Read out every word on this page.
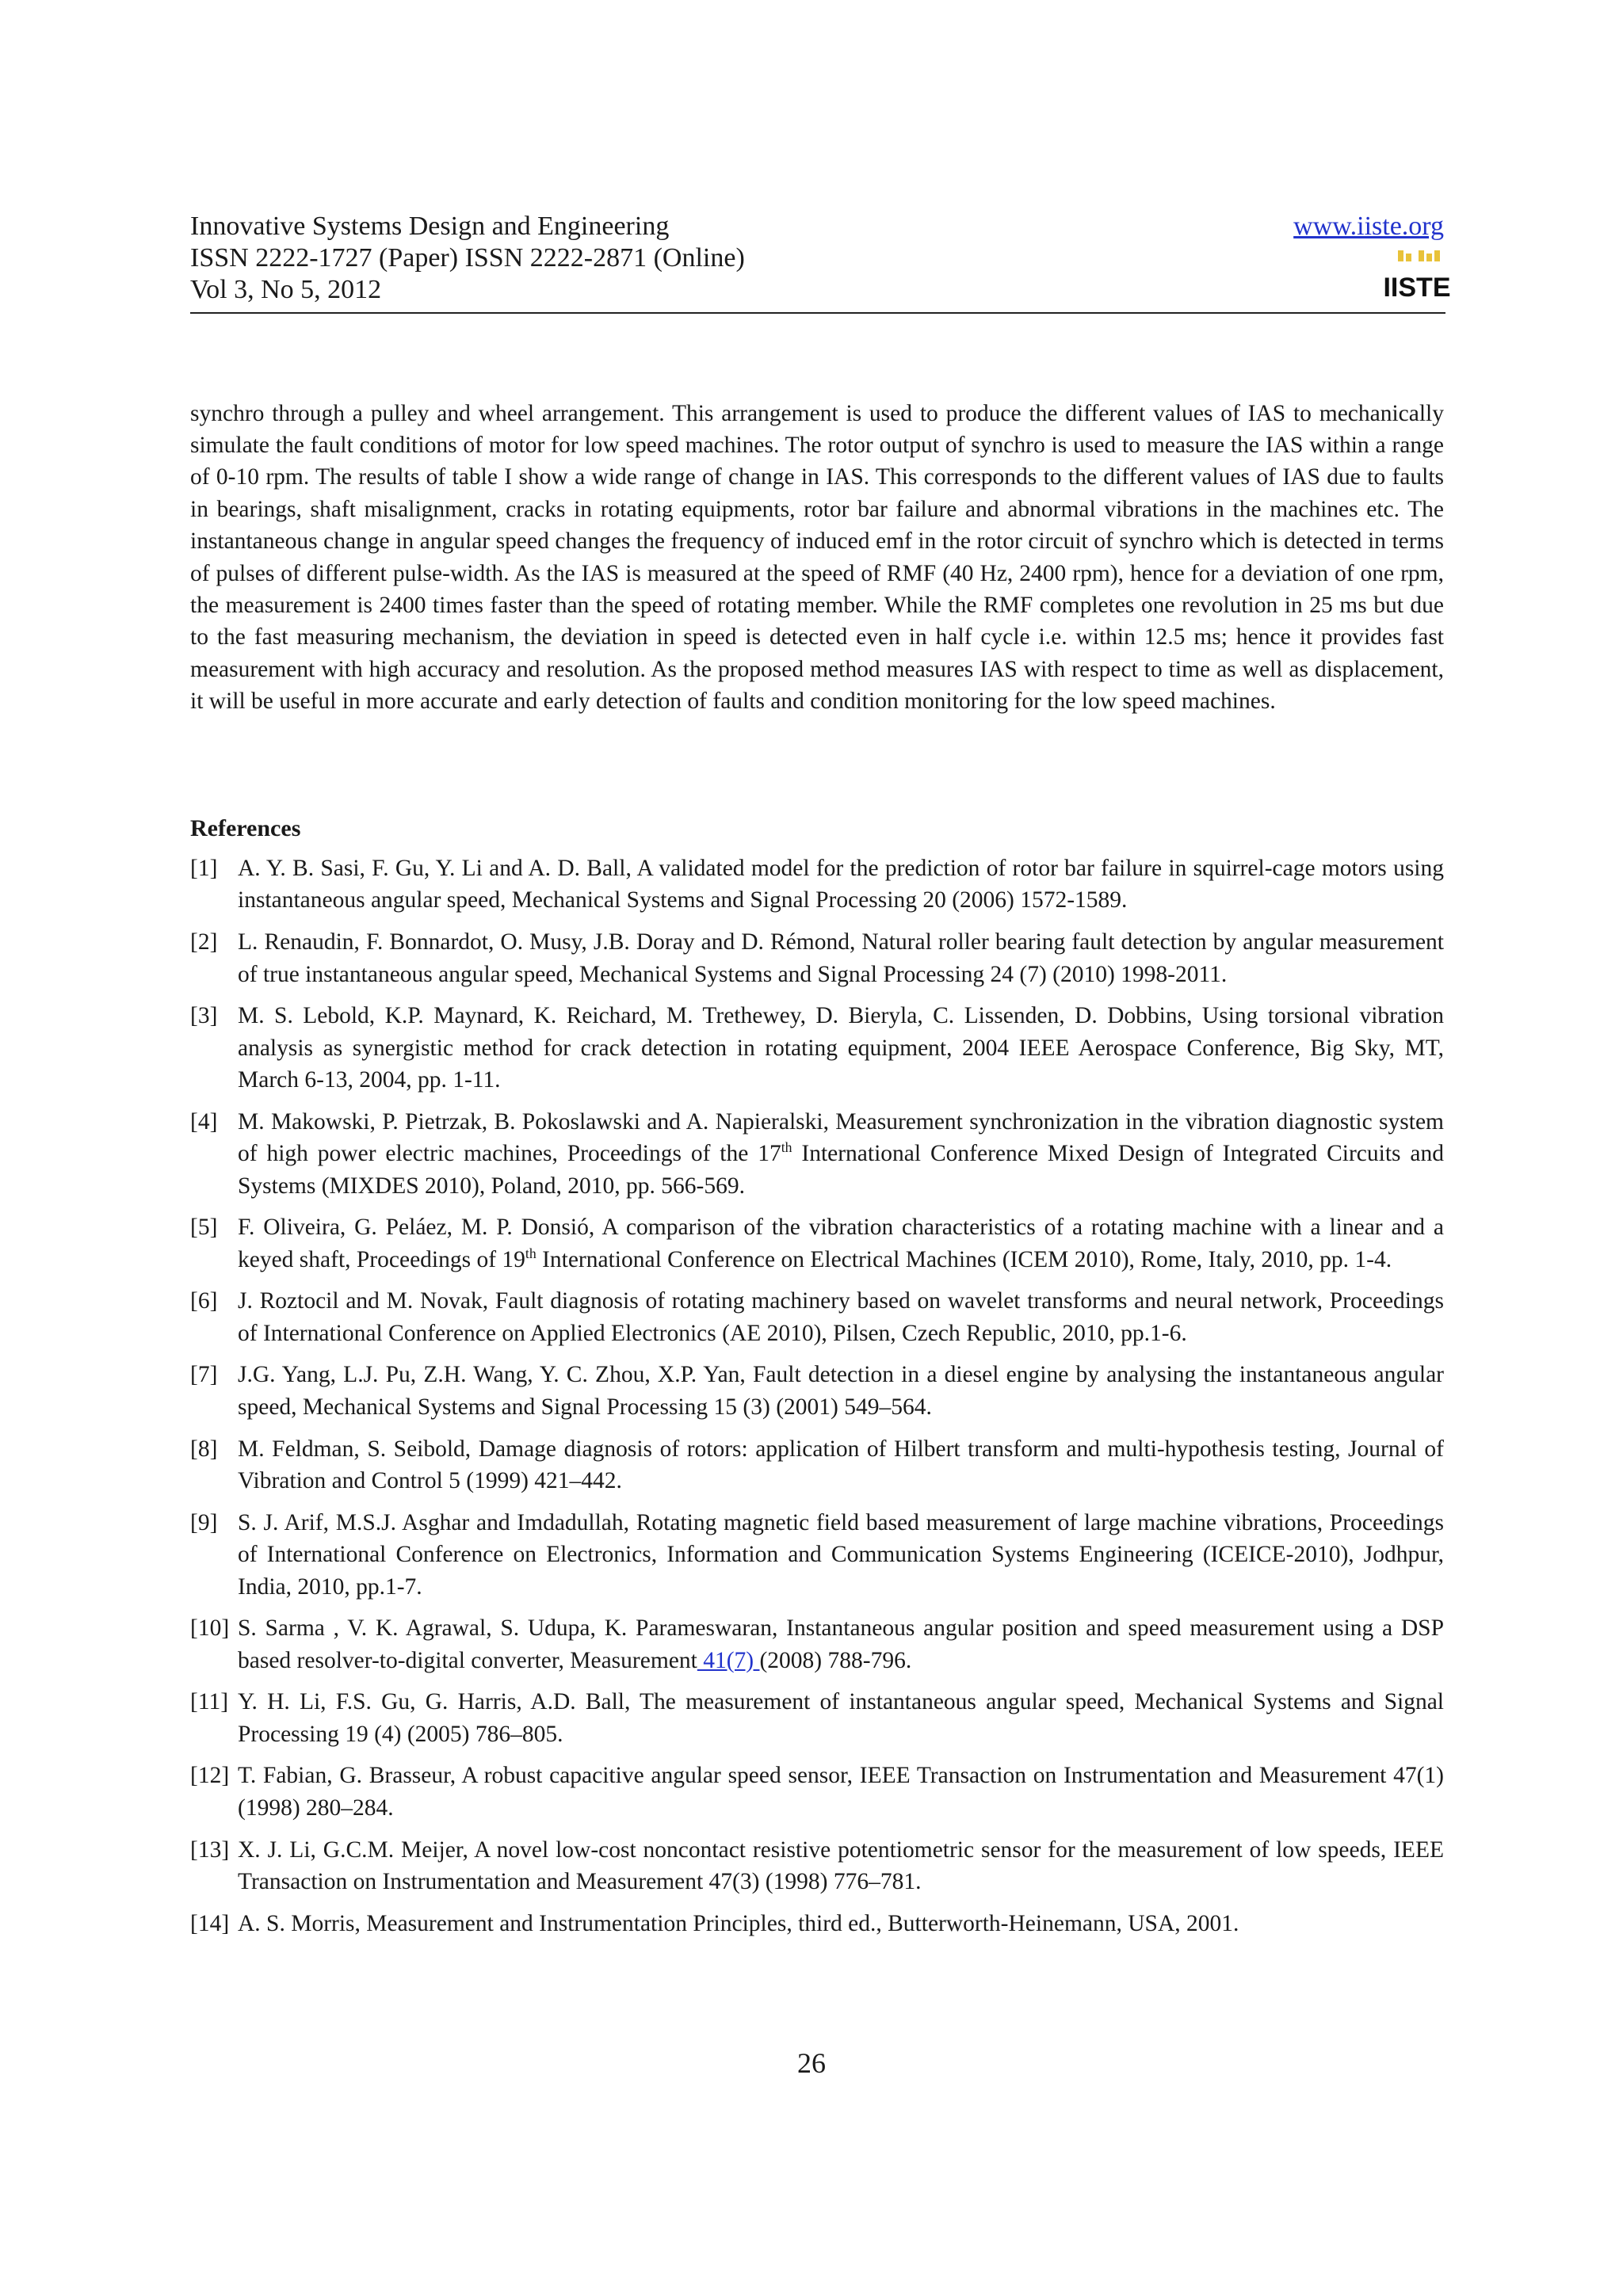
Innovative Systems Design and Engineering
ISSN 2222-1727 (Paper) ISSN 2222-2871 (Online)
Vol 3, No 5, 2012
www.iiste.org
IISTE

synchro through a pulley and wheel arrangement. This arrangement is used to produce the different values of IAS to mechanically simulate the fault conditions of motor for low speed machines. The rotor output of synchro is used to measure the IAS within a range of 0-10 rpm. The results of table I show a wide range of change in IAS. This corresponds to the different values of IAS due to faults in bearings, shaft misalignment, cracks in rotating equipments, rotor bar failure and abnormal vibrations in the machines etc. The instantaneous change in angular speed changes the frequency of induced emf in the rotor circuit of synchro which is detected in terms of pulses of different pulse-width. As the IAS is measured at the speed of RMF (40 Hz, 2400 rpm), hence for a deviation of one rpm, the measurement is 2400 times faster than the speed of rotating member. While the RMF completes one revolution in 25 ms but due to the fast measuring mechanism, the deviation in speed is detected even in half cycle i.e. within 12.5 ms; hence it provides fast measurement with high accuracy and resolution. As the proposed method measures IAS with respect to time as well as displacement, it will be useful in more accurate and early detection of faults and condition monitoring for the low speed machines.

References
[1] A. Y. B. Sasi, F. Gu, Y. Li and A. D. Ball, A validated model for the prediction of rotor bar failure in squirrel-cage motors using instantaneous angular speed, Mechanical Systems and Signal Processing 20 (2006) 1572-1589.
[2] L. Renaudin, F. Bonnardot, O. Musy, J.B. Doray and D. Rémond, Natural roller bearing fault detection by angular measurement of true instantaneous angular speed, Mechanical Systems and Signal Processing 24 (7) (2010) 1998-2011.
[3] M. S. Lebold, K.P. Maynard, K. Reichard, M. Trethewey, D. Bieryla, C. Lissenden, D. Dobbins, Using torsional vibration analysis as synergistic method for crack detection in rotating equipment, 2004 IEEE Aerospace Conference, Big Sky, MT, March 6-13, 2004, pp. 1-11.
[4] M. Makowski, P. Pietrzak, B. Pokoslawski and A. Napieralski, Measurement synchronization in the vibration diagnostic system of high power electric machines, Proceedings of the 17th International Conference Mixed Design of Integrated Circuits and Systems (MIXDES 2010), Poland, 2010, pp. 566-569.
[5] F. Oliveira, G. Peláez, M. P. Donsió, A comparison of the vibration characteristics of a rotating machine with a linear and a keyed shaft, Proceedings of 19th International Conference on Electrical Machines (ICEM 2010), Rome, Italy, 2010, pp. 1-4.
[6] J. Roztocil and M. Novak, Fault diagnosis of rotating machinery based on wavelet transforms and neural network, Proceedings of International Conference on Applied Electronics (AE 2010), Pilsen, Czech Republic, 2010, pp.1-6.
[7] J.G. Yang, L.J. Pu, Z.H. Wang, Y. C. Zhou, X.P. Yan, Fault detection in a diesel engine by analysing the instantaneous angular speed, Mechanical Systems and Signal Processing 15 (3) (2001) 549–564.
[8] M. Feldman, S. Seibold, Damage diagnosis of rotors: application of Hilbert transform and multi-hypothesis testing, Journal of Vibration and Control 5 (1999) 421–442.
[9] S. J. Arif, M.S.J. Asghar and Imdadullah, Rotating magnetic field based measurement of large machine vibrations, Proceedings of International Conference on Electronics, Information and Communication Systems Engineering (ICEICE-2010), Jodhpur, India, 2010, pp.1-7.
[10] S. Sarma , V. K. Agrawal, S. Udupa, K. Parameswaran, Instantaneous angular position and speed measurement using a DSP based resolver-to-digital converter, Measurement 41(7) (2008) 788-796.
[11] Y. H. Li, F.S. Gu, G. Harris, A.D. Ball, The measurement of instantaneous angular speed, Mechanical Systems and Signal Processing 19 (4) (2005) 786–805.
[12] T. Fabian, G. Brasseur, A robust capacitive angular speed sensor, IEEE Transaction on Instrumentation and Measurement 47(1) (1998) 280–284.
[13] X. J. Li, G.C.M. Meijer, A novel low-cost noncontact resistive potentiometric sensor for the measurement of low speeds, IEEE Transaction on Instrumentation and Measurement 47(3) (1998) 776–781.
[14] A. S. Morris, Measurement and Instrumentation Principles, third ed., Butterworth-Heinemann, USA, 2001.
26
